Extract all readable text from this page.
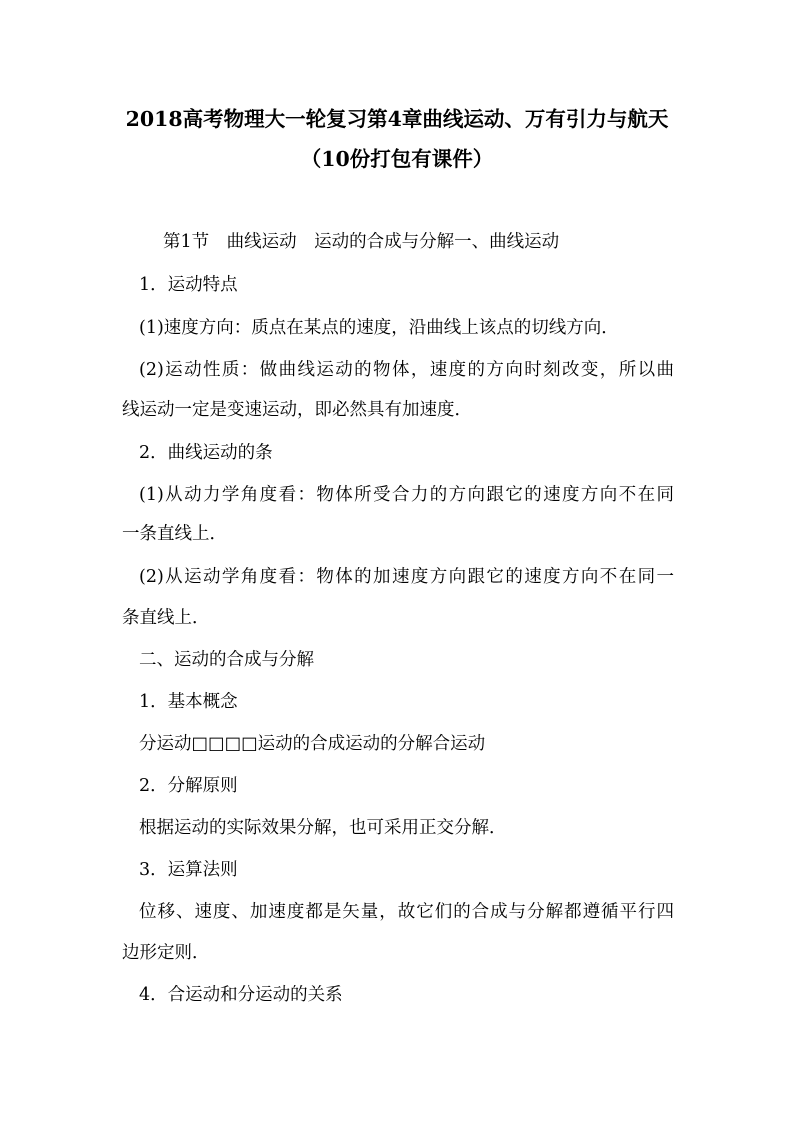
2018高考物理大一轮复习第4章曲线运动、万有引力与航天
（10份打包有课件）
第1节　曲线运动　运动的合成与分解一、曲线运动
1．运动特点
(1)速度方向：质点在某点的速度，沿曲线上该点的切线方向．
(2)运动性质：做曲线运动的物体，速度的方向时刻改变，所以曲
线运动一定是变速运动，即必然具有加速度．
2．曲线运动的条
(1)从动力学角度看：物体所受合力的方向跟它的速度方向不在同
一条直线上．
(2)从运动学角度看：物体的加速度方向跟它的速度方向不在同一
条直线上．
二、运动的合成与分解
1．基本概念
分运动□□□□运动的合成运动的分解合运动
2．分解原则
根据运动的实际效果分解，也可采用正交分解．
3．运算法则
位移、速度、加速度都是矢量，故它们的合成与分解都遵循平行四
边形定则．
4．合运动和分运动的关系
